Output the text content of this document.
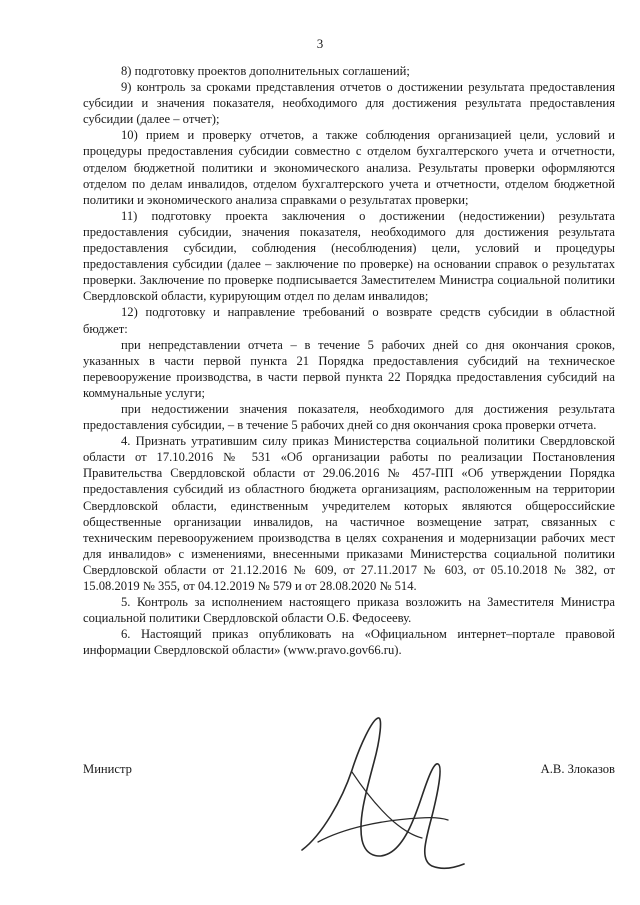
3

8) подготовку проектов дополнительных соглашений;

9) контроль за сроками представления отчетов о достижении результата предоставления субсидии и значения показателя, необходимого для достижения результата предоставления субсидии (далее – отчет);

10) прием и проверку отчетов, а также соблюдения организацией цели, условий и процедуры предоставления субсидии совместно с отделом бухгалтерского учета и отчетности, отделом бюджетной политики и экономического анализа. Результаты проверки оформляются отделом по делам инвалидов, отделом бухгалтерского учета и отчетности, отделом бюджетной политики и экономического анализа справками о результатах проверки;

11) подготовку проекта заключения о достижении (недостижении) результата предоставления субсидии, значения показателя, необходимого для достижения результата предоставления субсидии, соблюдения (несоблюдения) цели, условий и процедуры предоставления субсидии (далее – заключение по проверке) на основании справок о результатах проверки. Заключение по проверке подписывается Заместителем Министра социальной политики Свердловской области, курирующим отдел по делам инвалидов;

12) подготовку и направление требований о возврате средств субсидии в областной бюджет:

при непредставлении отчета – в течение 5 рабочих дней со дня окончания сроков, указанных в части первой пункта 21 Порядка предоставления субсидий на техническое перевооружение производства, в части первой пункта 22 Порядка предоставления субсидий на коммунальные услуги;

при недостижении значения показателя, необходимого для достижения результата предоставления субсидии, – в течение 5 рабочих дней со дня окончания срока проверки отчета.

4. Признать утратившим силу приказ Министерства социальной политики Свердловской области от 17.10.2016 № 531 «Об организации работы по реализации Постановления Правительства Свердловской области от 29.06.2016 № 457-ПП «Об утверждении Порядка предоставления субсидий из областного бюджета организациям, расположенным на территории Свердловской области, единственным учредителем которых являются общероссийские общественные организации инвалидов, на частичное возмещение затрат, связанных с техническим перевооружением производства в целях сохранения и модернизации рабочих мест для инвалидов» с изменениями, внесенными приказами Министерства социальной политики Свердловской области от 21.12.2016 № 609, от 27.11.2017 № 603, от 05.10.2018 № 382, от 15.08.2019 № 355, от 04.12.2019 № 579 и от 28.08.2020 № 514.

5. Контроль за исполнением настоящего приказа возложить на Заместителя Министра социальной политики Свердловской области О.Б. Федосееву.

6. Настоящий приказ опубликовать на «Официальном интернет–портале правовой информации Свердловской области» (www.pravo.gov66.ru).

Министр	А.В. Злоказов
